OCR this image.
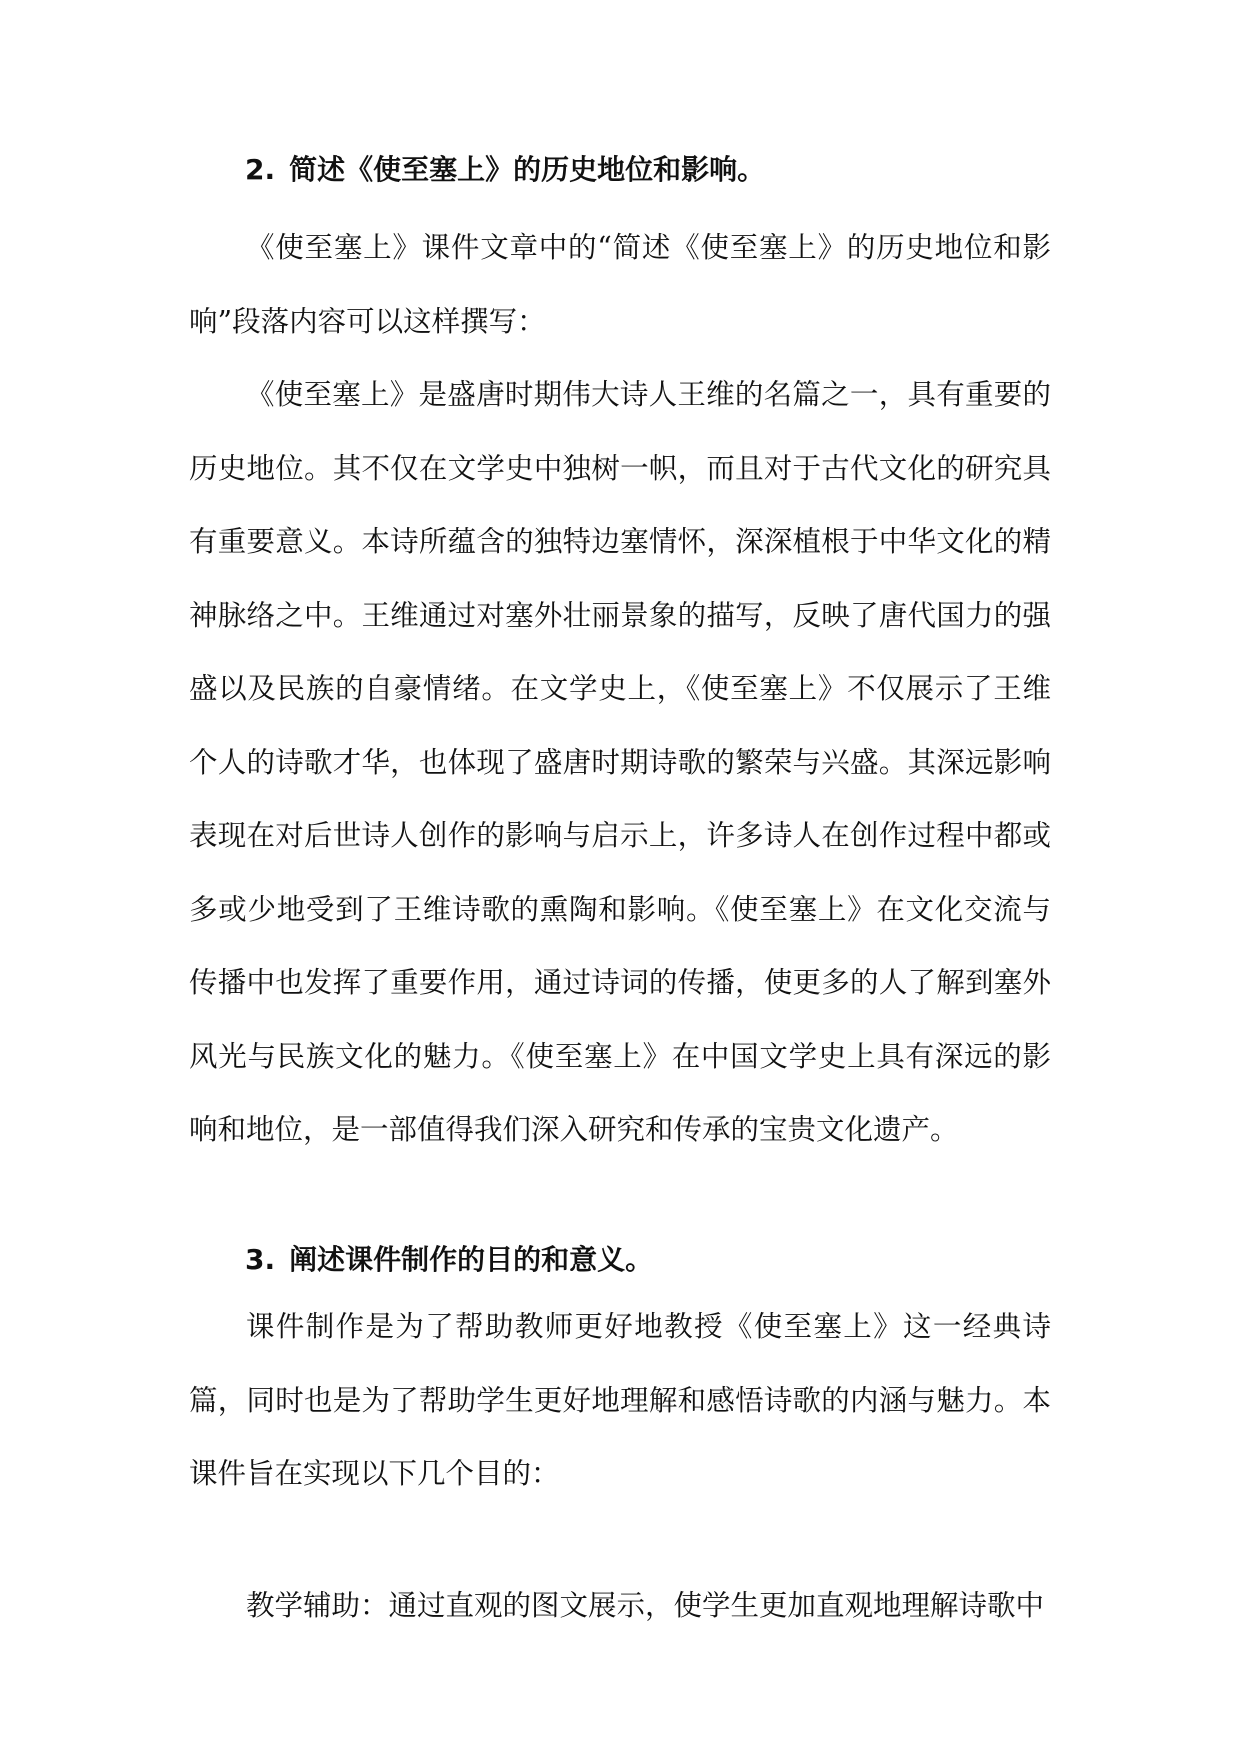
2. 简述《使至塞上》的历史地位和影响。

《使至塞上》课件文章中的“简述《使至塞上》的历史地位和影响”段落内容可以这样撰写：

《使至塞上》是盛唐时期伟大诗人王维的名篇之一，具有重要的历史地位。其不仅在文学史中独树一帜，而且对于古代文化的研究具有重要意义。本诗所蕴含的独特边塞情怀，深深植根于中华文化的精神脉络之中。王维通过对塞外壮丽景象的描写，反映了唐代国力的强盛以及民族的自豪情绪。在文学史上，《使至塞上》不仅展示了王维个人的诗歌才华，也体现了盛唐时期诗歌的繁荣与兴盛。其深远影响表现在对后世诗人创作的影响与启示上，许多诗人在创作过程中都或多或少地受到了王维诗歌的熏陶和影响。《使至塞上》在文化交流与传播中也发挥了重要作用，通过诗词的传播，使更多的人了解到塞外风光与民族文化的魅力。《使至塞上》在中国文学史上具有深远的影响和地位，是一部值得我们深入研究和传承的宝贵文化遗产。

3. 阐述课件制作的目的和意义。

课件制作是为了帮助教师更好地教授《使至塞上》这一经典诗篇，同时也是为了帮助学生更好地理解和感悟诗歌的内涵与魅力。本课件旨在实现以下几个目的：

教学辅助：通过直观的图文展示，使学生更加直观地理解诗歌中
